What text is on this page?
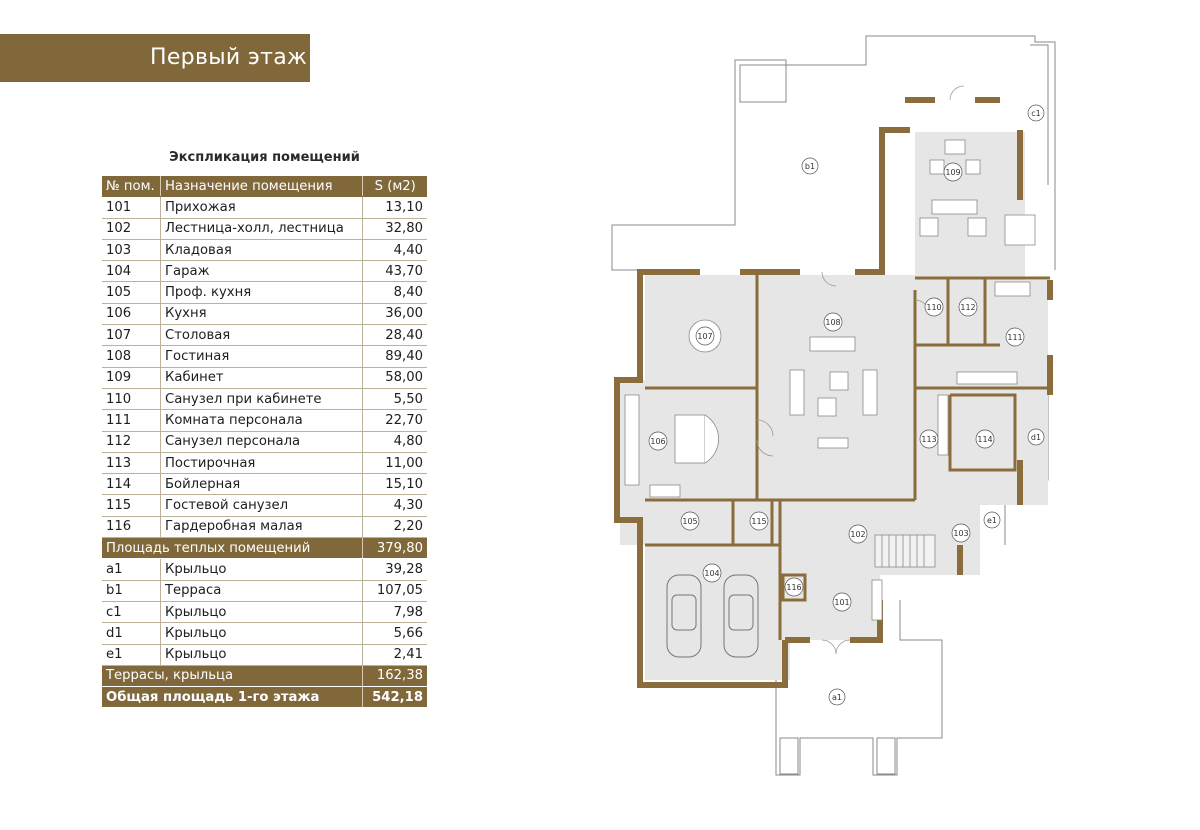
Первый этаж
Экспликация помещений
№ пом.	Назначение помещения	S (м2)
101	Прихожая	13,10
102	Лестница-холл, лестница	32,80
103	Кладовая	4,40
104	Гараж	43,70
105	Проф. кухня	8,40
106	Кухня	36,00
107	Столовая	28,40
108	Гостиная	89,40
109	Кабинет	58,00
110	Санузел при кабинете	5,50
111	Комната персонала	22,70
112	Санузел персонала	4,80
113	Постирочная	11,00
114	Бойлерная	15,10
115	Гостевой санузел	4,30
116	Гардеробная малая	2,20
Площадь теплых помещений		379,80
a1	Крыльцо	39,28
b1	Терраса	107,05
c1	Крыльцо	7,98
d1	Крыльцо	5,66
e1	Крыльцо	2,41
Террасы, крыльца		162,38
Общая площадь 1-го этажа		542,18
101
102	103
104
105
106
107
108
109
110
111
112
113	114
115
116
a1
b1
c1
d1
e1
